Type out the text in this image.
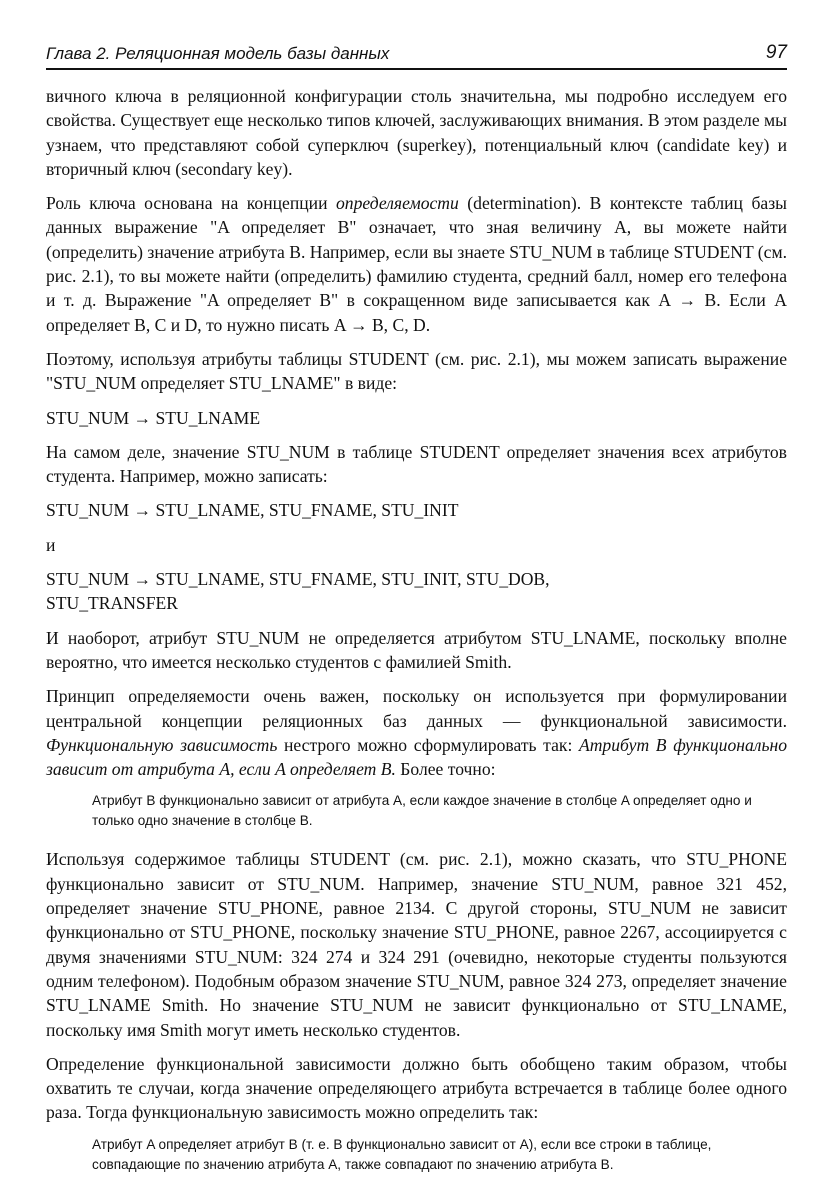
Глава 2. Реляционная модель базы данных	97

вичного ключа в реляционной конфигурации столь значительна, мы подробно исследуем его свойства. Существует еще несколько типов ключей, заслуживающих внимания. В этом разделе мы узнаем, что представляют собой суперключ (superkey), потенциальный ключ (candidate key) и вторичный ключ (secondary key).

Роль ключа основана на концепции определяемости (determination). В контексте таблиц базы данных выражение "A определяет B" означает, что зная величину A, вы можете найти (определить) значение атрибута B. Например, если вы знаете STU_NUM в таблице STUDENT (см. рис. 2.1), то вы можете найти (определить) фамилию студента, средний балл, номер его телефона и т. д. Выражение "A определяет B" в сокращенном виде записывается как A → B. Если A определяет B, C и D, то нужно писать A → B, C, D.

Поэтому, используя атрибуты таблицы STUDENT (см. рис. 2.1), мы можем записать выражение "STU_NUM определяет STU_LNAME" в виде:

STU_NUM → STU_LNAME

На самом деле, значение STU_NUM в таблице STUDENT определяет значения всех атрибутов студента. Например, можно записать:

STU_NUM → STU_LNAME, STU_FNAME, STU_INIT
и
STU_NUM → STU_LNAME, STU_FNAME, STU_INIT, STU_DOB,
STU_TRANSFER

И наоборот, атрибут STU_NUM не определяется атрибутом STU_LNAME, поскольку вполне вероятно, что имеется несколько студентов с фамилией Smith.

Принцип определяемости очень важен, поскольку он используется при формулировании центральной концепции реляционных баз данных — функциональной зависимости. Функциональную зависимость нестрого можно сформулировать так: Атрибут B функционально зависит от атрибута A, если A определяет B. Более точно:

Атрибут B функционально зависит от атрибута A, если каждое значение в столбце A определяет одно и только одно значение в столбце B.

Используя содержимое таблицы STUDENT (см. рис. 2.1), можно сказать, что STU_PHONE функционально зависит от STU_NUM. Например, значение STU_NUM, равное 321 452, определяет значение STU_PHONE, равное 2134. С другой стороны, STU_NUM не зависит функционально от STU_PHONE, поскольку значение STU_PHONE, равное 2267, ассоциируется с двумя значениями STU_NUM: 324 274 и 324 291 (очевидно, некоторые студенты пользуются одним телефоном). Подобным образом значение STU_NUM, равное 324 273, определяет значение STU_LNAME Smith. Но значение STU_NUM не зависит функционально от STU_LNAME, поскольку имя Smith могут иметь несколько студентов.

Определение функциональной зависимости должно быть обобщено таким образом, чтобы охватить те случаи, когда значение определяющего атрибута встречается в таблице более одного раза. Тогда функциональную зависимость можно определить так:

Атрибут A определяет атрибут B (т. е. B функционально зависит от A), если все строки в таблице, совпадающие по значению атрибута A, также совпадают по значению атрибута B.
